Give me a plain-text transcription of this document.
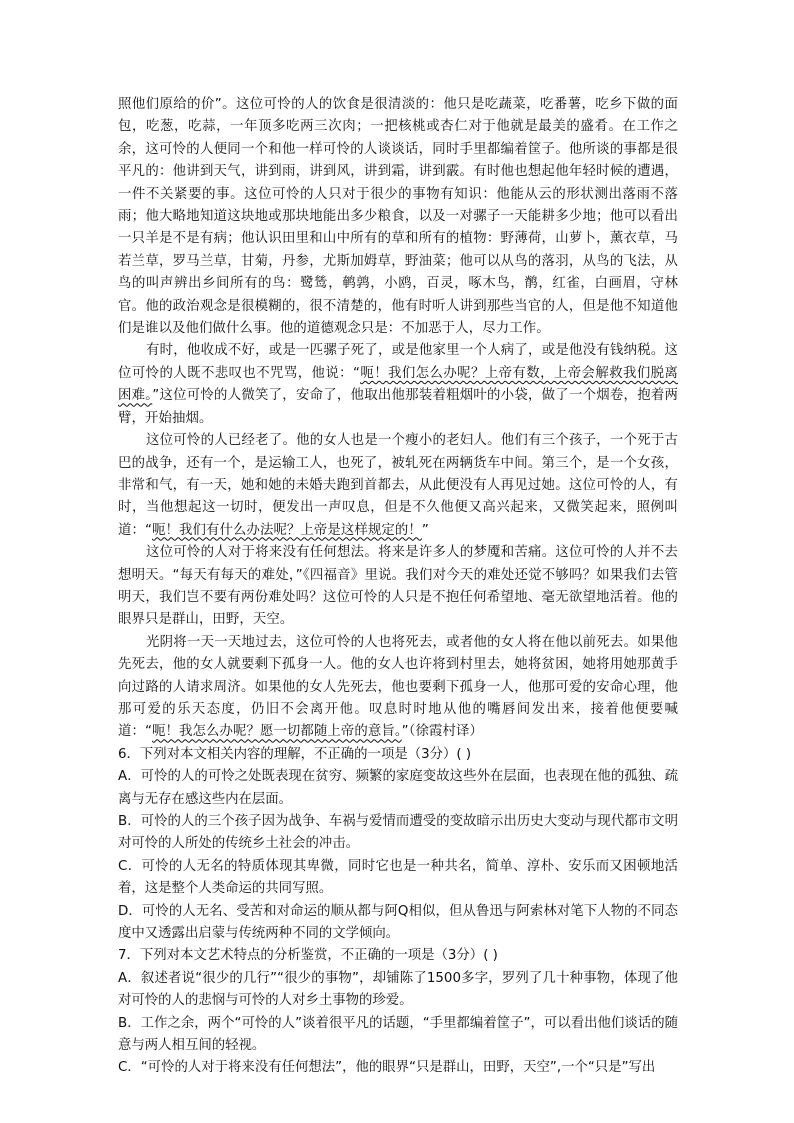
照他们原给的价”。这位可怜的人的饮食是很清淡的：他只是吃蔬菜，吃番薯，吃乡下做的面包，吃葱，吃蒜，一年顶多吃两三次肉；一把核桃或杏仁对于他就是最美的盛肴。在工作之余，这可怜的人便同一个和他一样可怜的人谈谈话，同时手里都编着筐子。他所谈的事都是很平凡的：他讲到天气，讲到雨，讲到风，讲到霜，讲到霰。有时他也想起他年轻时候的遭遇，一件不关紧要的事。这位可怜的人只对于很少的事物有知识：他能从云的形状测出落雨不落雨；他大略地知道这块地或那块地能出多少粮食，以及一对骡子一天能耕多少地；他可以看出一只羊是不是有病；他认识田里和山中所有的草和所有的植物：野薄荷，山萝卜，薰衣草，马若兰草，罗马兰草，甘菊，丹参，尤斯加姆草，野油菜；他可以从鸟的落羽，从鸟的飞法，从鸟的叫声辨出乡间所有的鸟：鹭鸶，鹌鹑，小鸥，百灵，啄木鸟，鹡，红雀，白画眉，守林官。他的政治观念是很模糊的，很不清楚的，他有时听人讲到那些当官的人，但是他不知道他们是谁以及他们做什么事。他的道德观念只是：不加恶于人，尽力工作。

有时，他收成不好，或是一匹骡子死了，或是他家里一个人病了，或是他没有钱纳税。这位可怜的人既不悲叹也不咒骂，他说：“呃！我们怎么办呢？上帝有数，上帝会解救我们脱离困难。”这位可怜的人微笑了，安命了，他取出他那装着粗烟叶的小袋，做了一个烟卷，抱着两臂，开始抽烟。

这位可怜的人已经老了。他的女人也是一个瘦小的老妇人。他们有三个孩子，一个死于古巴的战争，还有一个，是运输工人，也死了，被轧死在两辆货车中间。第三个，是一个女孩，非常和气，有一天，她和她的未婚夫跑到首都去，从此便没有人再见过她。这位可怜的人，有时，当他想起这一切时，便发出一声叹息，但是不久他便又高兴起来，又微笑起来，照例叫道：“呃！我们有什么办法呢？上帝是这样规定的！”

这位可怜的人对于将来没有任何想法。将来是许多人的梦魇和苦痛。这位可怜的人并不去想明天。“每天有每天的难处，”《四福音》里说。我们对今天的难处还觉不够吗？如果我们去管明天，我们岂不要有两份难处吗？这位可怜的人只是不抱任何希望地、毫无欲望地活着。他的眼界只是群山，田野，天空。

光阴将一天一天地过去，这位可怜的人也将死去，或者他的女人将在他以前死去。如果他先死去，他的女人就要剩下孤身一人。他的女人也许将到村里去，她将贫困，她将用她那黄手向过路的人请求周济。如果他的女人先死去，他也要剩下孤身一人，他那可爱的安命心理，他那可爱的乐天态度，仍旧不会离开他。叹息时时地从他的嘴唇间发出来，接着他便要喊道：“呃！我怎么办呢？愿一切都随上帝的意旨。”（徐霞村译）

6．下列对本文相关内容的理解，不正确的一项是（3分）( )

A．可怜的人的可怜之处既表现在贫穷、频繁的家庭变故这些外在层面，也表现在他的孤独、疏离与无存在感这些内在层面。

B．可怜的人的三个孩子因为战争、车祸与爱情而遭受的变故暗示出历史大变动与现代都市文明对可怜的人所处的传统乡土社会的冲击。

C．可怜的人无名的特质体现其卑微，同时它也是一种共名，简单、淳朴、安乐而又困顿地活着，这是整个人类命运的共同写照。

D．可怜的人无名、受苦和对命运的顺从都与阿Q相似，但从鲁迅与阿索林对笔下人物的不同态度中又透露出启蒙与传统两种不同的文学倾向。

7．下列对本文艺术特点的分析鉴赏，不正确的一项是（3分）( )

A．叙述者说“很少的几行”“很少的事物”，却铺陈了1500多字，罗列了几十种事物，体现了他对可怜的人的悲悯与可怜的人对乡土事物的珍爱。

B．工作之余，两个“可怜的人”谈着很平凡的话题，“手里都编着筐子”，可以看出他们谈话的随意与两人相互间的轻视。

C．“可怜的人对于将来没有任何想法”，他的眼界“只是群山，田野，天空”,一个“只是”写出
